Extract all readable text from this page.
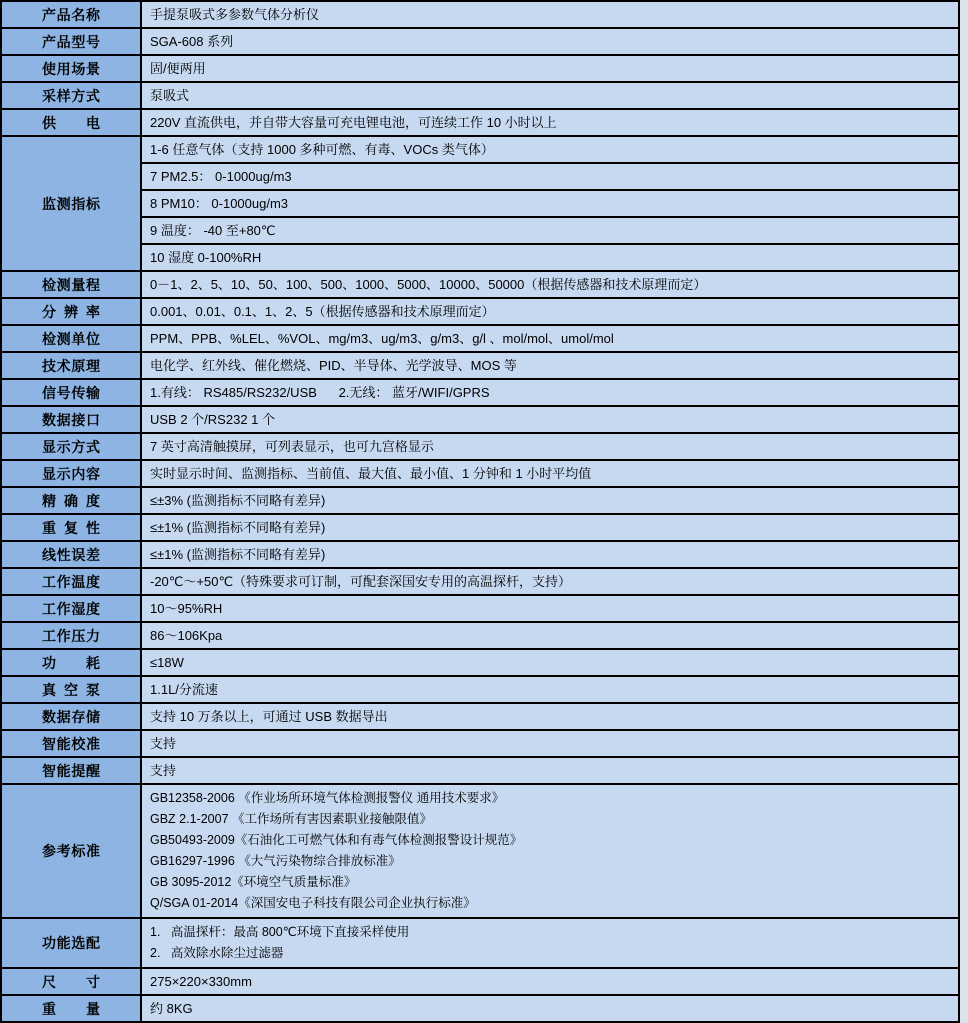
产品名称	手提泵吸式多参数气体分析仪
产品型号	SGA-608 系列
使用场景	固/便两用
采样方式	泵吸式
供电	220V 直流供电，并自带大容量可充电锂电池，可连续工作 10 小时以上
监测指标	1-6 任意气体（支持 1000 多种可燃、有毒、VOCs 类气体）
	7 PM2.5： 0-1000ug/m3
	8 PM10： 0-1000ug/m3
	9 温度： -40 至+80℃
	10 湿度 0-100%RH
检测量程	0－1、2、5、10、50、100、500、1000、5000、10000、50000（根据传感器和技术原理而定）
分辨率	0.001、0.01、0.1、1、2、5（根据传感器和技术原理而定）
检测单位	PPM、PPB、%LEL、%VOL、mg/m3、ug/m3、g/m3、g/l 、mol/mol、umol/mol
技术原理	电化学、红外线、催化燃烧、PID、半导体、光学波导、MOS 等
信号传输	1.有线： RS485/RS232/USB      2.无线： 蓝牙/WIFI/GPRS
数据接口	USB 2 个/RS232 1 个
显示方式	7 英寸高清触摸屏，可列表显示，也可九宫格显示
显示内容	实时显示时间、监测指标、当前值、最大值、最小值、1 分钟和 1 小时平均值
精确度	≤±3% (监测指标不同略有差异)
重复性	≤±1% (监测指标不同略有差异)
线性误差	≤±1% (监测指标不同略有差异)
工作温度	-20℃～+50℃（特殊要求可订制，可配套深国安专用的高温探杆，支持）
工作湿度	10～95%RH
工作压力	86～106Kpa
功耗	≤18W
真空泵	1.1L/分流速
数据存储	支持 10 万条以上，可通过 USB 数据导出
智能校准	支持
智能提醒	支持
参考标准	
GB12358-2006 《作业场所环境气体检测报警仪 通用技术要求》
GBZ 2.1-2007 《工作场所有害因素职业接触限值》
GB50493-2009《石油化工可燃气体和有毒气体检测报警设计规范》
GB16297-1996 《大气污染物综合排放标准》
GB 3095-2012《环境空气质量标准》
Q/SGA 01-2014《深国安电子科技有限公司企业执行标准》

功能选配	1.   高温探杆：最高 800℃环境下直接采样使用
2.   高效除水除尘过滤器

尺寸	275×220×330mm
重量	约 8KG
